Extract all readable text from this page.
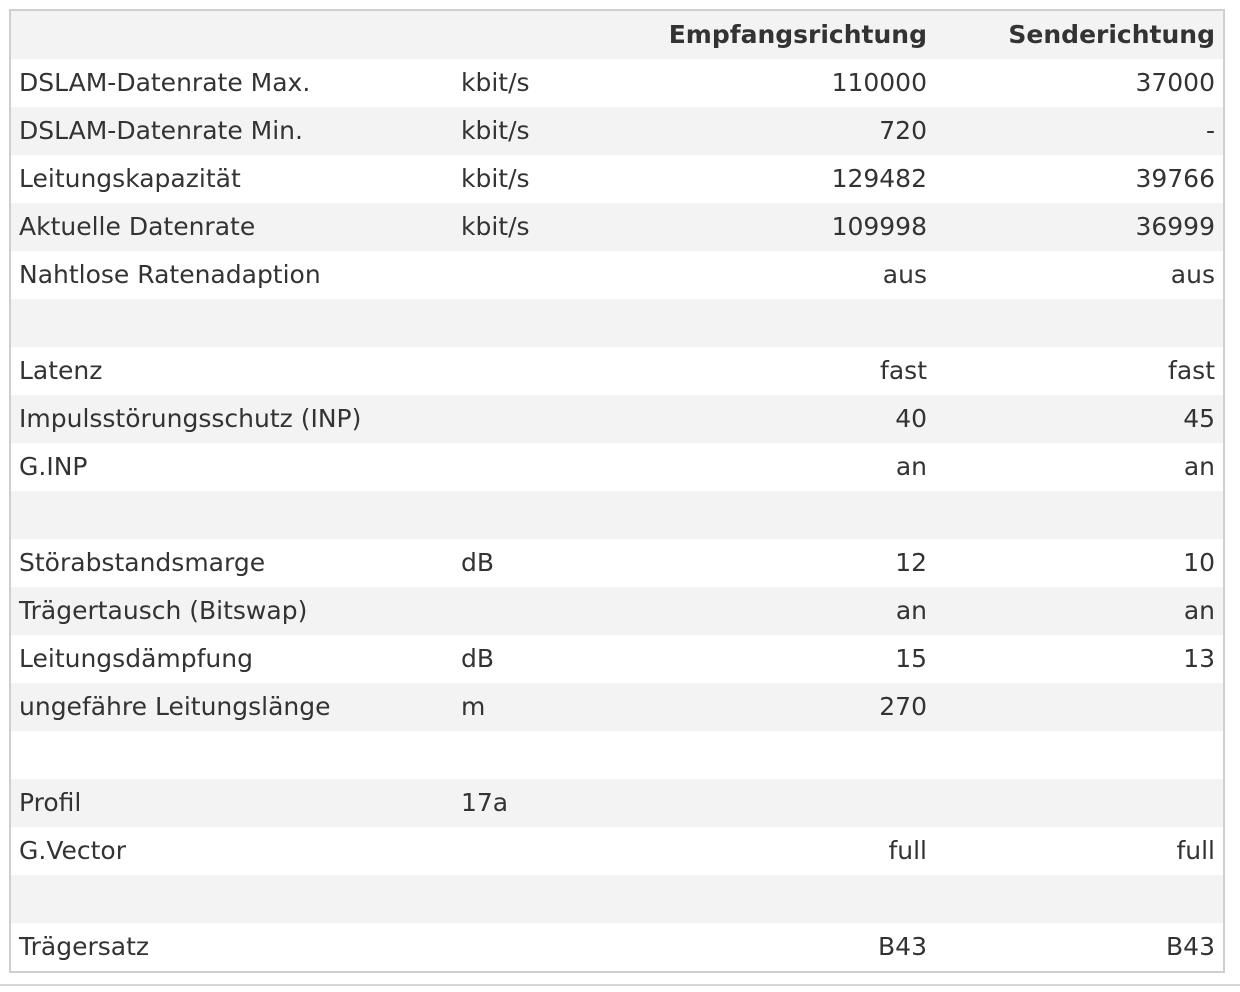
		Empfangsrichtung	Senderichtung
DSLAM-Datenrate Max.	kbit/s	110000	37000
DSLAM-Datenrate Min.	kbit/s	720	-
Leitungskapazität	kbit/s	129482	39766
Aktuelle Datenrate	kbit/s	109998	36999
Nahtlose Ratenadaption		aus	aus

Latenz		fast	fast
Impulsstörungsschutz (INP)		40	45
G.INP		an	an

Störabstandsmarge	dB	12	10
Trägertausch (Bitswap)		an	an
Leitungsdämpfung	dB	15	13
ungefähre Leitungslänge	m	270	

Profil	17a		
G.Vector		full	full

Trägersatz		B43	B43
